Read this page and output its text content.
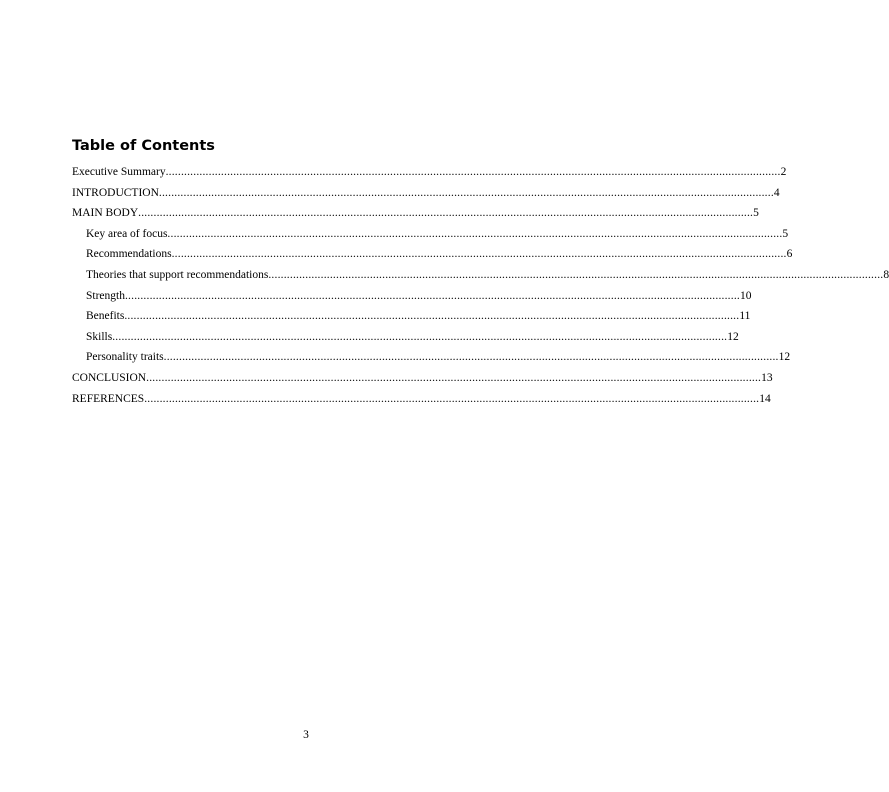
Table of Contents
Executive Summary ........................................................................................................................................................................................................ 2
INTRODUCTION ........................................................................................................................................................................................................ 4
MAIN BODY ........................................................................................................................................................................................................ 5
Key area of focus ........................................................................................................................................................................................................ 5
Recommendations ........................................................................................................................................................................................................ 6
Theories that support recommendations ........................................................................................................................................................................................................ 8
Strength ........................................................................................................................................................................................................ 10
Benefits ........................................................................................................................................................................................................ 11
Skills ........................................................................................................................................................................................................ 12
Personality traits ........................................................................................................................................................................................................ 12
CONCLUSION ........................................................................................................................................................................................................ 13
REFERENCES ........................................................................................................................................................................................................ 14
3
